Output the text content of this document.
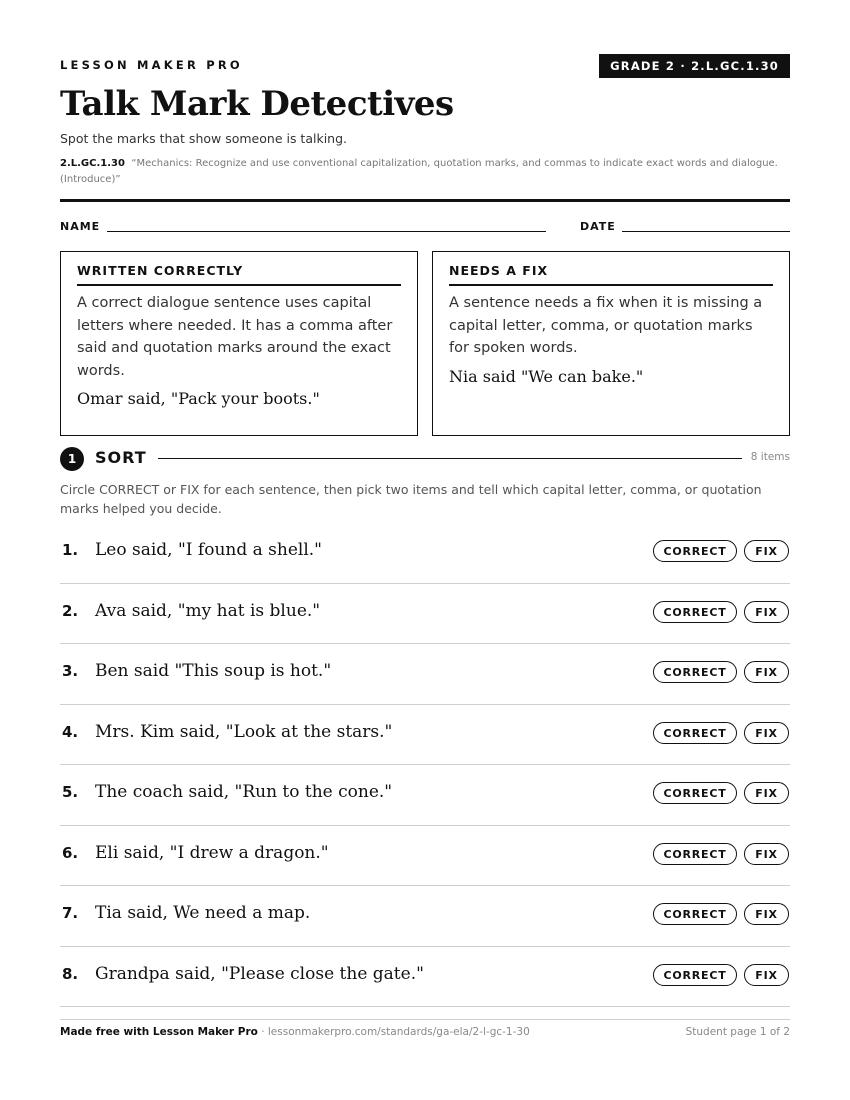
LESSON MAKER PRO	GRADE 2 · 2.L.GC.1.30
Talk Mark Detectives
Spot the marks that show someone is talking.
2.L.GC.1.30 “Mechanics: Recognize and use conventional capitalization, quotation marks, and commas to indicate exact words and dialogue. (Introduce)”
NAME	DATE
WRITTEN CORRECTLY
A correct dialogue sentence uses capital letters where needed. It has a comma after said and quotation marks around the exact words.
Omar said, "Pack your boots."
NEEDS A FIX
A sentence needs a fix when it is missing a capital letter, comma, or quotation marks for spoken words.
Nia said "We can bake."
1	SORT	8 items
Circle CORRECT or FIX for each sentence, then pick two items and tell which capital letter, comma, or quotation marks helped you decide.
1. Leo said, "I found a shell."	CORRECT	FIX
2. Ava said, "my hat is blue."	CORRECT	FIX
3. Ben said "This soup is hot."	CORRECT	FIX
4. Mrs. Kim said, "Look at the stars."	CORRECT	FIX
5. The coach said, "Run to the cone."	CORRECT	FIX
6. Eli said, "I drew a dragon."	CORRECT	FIX
7. Tia said, We need a map.	CORRECT	FIX
8. Grandpa said, "Please close the gate."	CORRECT	FIX
Made free with Lesson Maker Pro · lessonmakerpro.com/standards/ga-ela/2-l-gc-1-30	Student page 1 of 2
